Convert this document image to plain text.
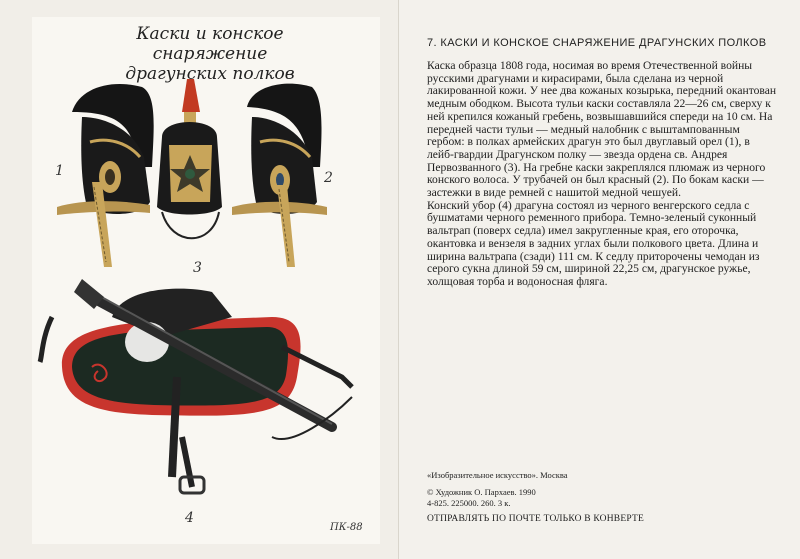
Каски и конское снаряжение
драгунских полков
1	2
3
4
ПК-88

7. КАСКИ И КОНСКОЕ СНАРЯЖЕНИЕ ДРАГУНСКИХ ПОЛКОВ

Каска образца 1808 года, носимая во время Отечественной войны русскими драгунами и кирасирами, была сделана из черной лакированной кожи. У нее два кожаных козырька, передний окантован медным ободком. Высота тульи каски составляла 22—26 см, сверху к ней крепился кожаный гребень, возвышавшийся спереди на 10 см. На передней части тульи — медный налобник с выштампованным гербом: в полках армейских драгун это был двуглавый орел (1), в лейб-гвардии Драгунском полку — звезда ордена св. Андрея Первозванного (3). На гребне каски закреплялся плюмаж из черного конского волоса. У трубачей он был красный (2). По бокам каски — застежки в виде ремней с нашитой медной чешуей.

Конский убор (4) драгуна состоял из черного венгерского седла с бушматами черного ременного прибора. Темно-зеленый суконный вальтрап (поверх седла) имел закругленные края, его оторочка, окантовка и вензеля в задних углах были полкового цвета. Длина и ширина вальтрапа (сзади) 111 см. К седлу приторочены чемодан из серого сукна длиной 59 см, шириной 22,25 см, драгунское ружье, холщовая торба и водоносная фляга.

«Изобразительное искусство». Москва
© Художник О. Пархаев. 1990
4-825. 225000. 260. 3 к.
ОТПРАВЛЯТЬ ПО ПОЧТЕ ТОЛЬКО В КОНВЕРТЕ
